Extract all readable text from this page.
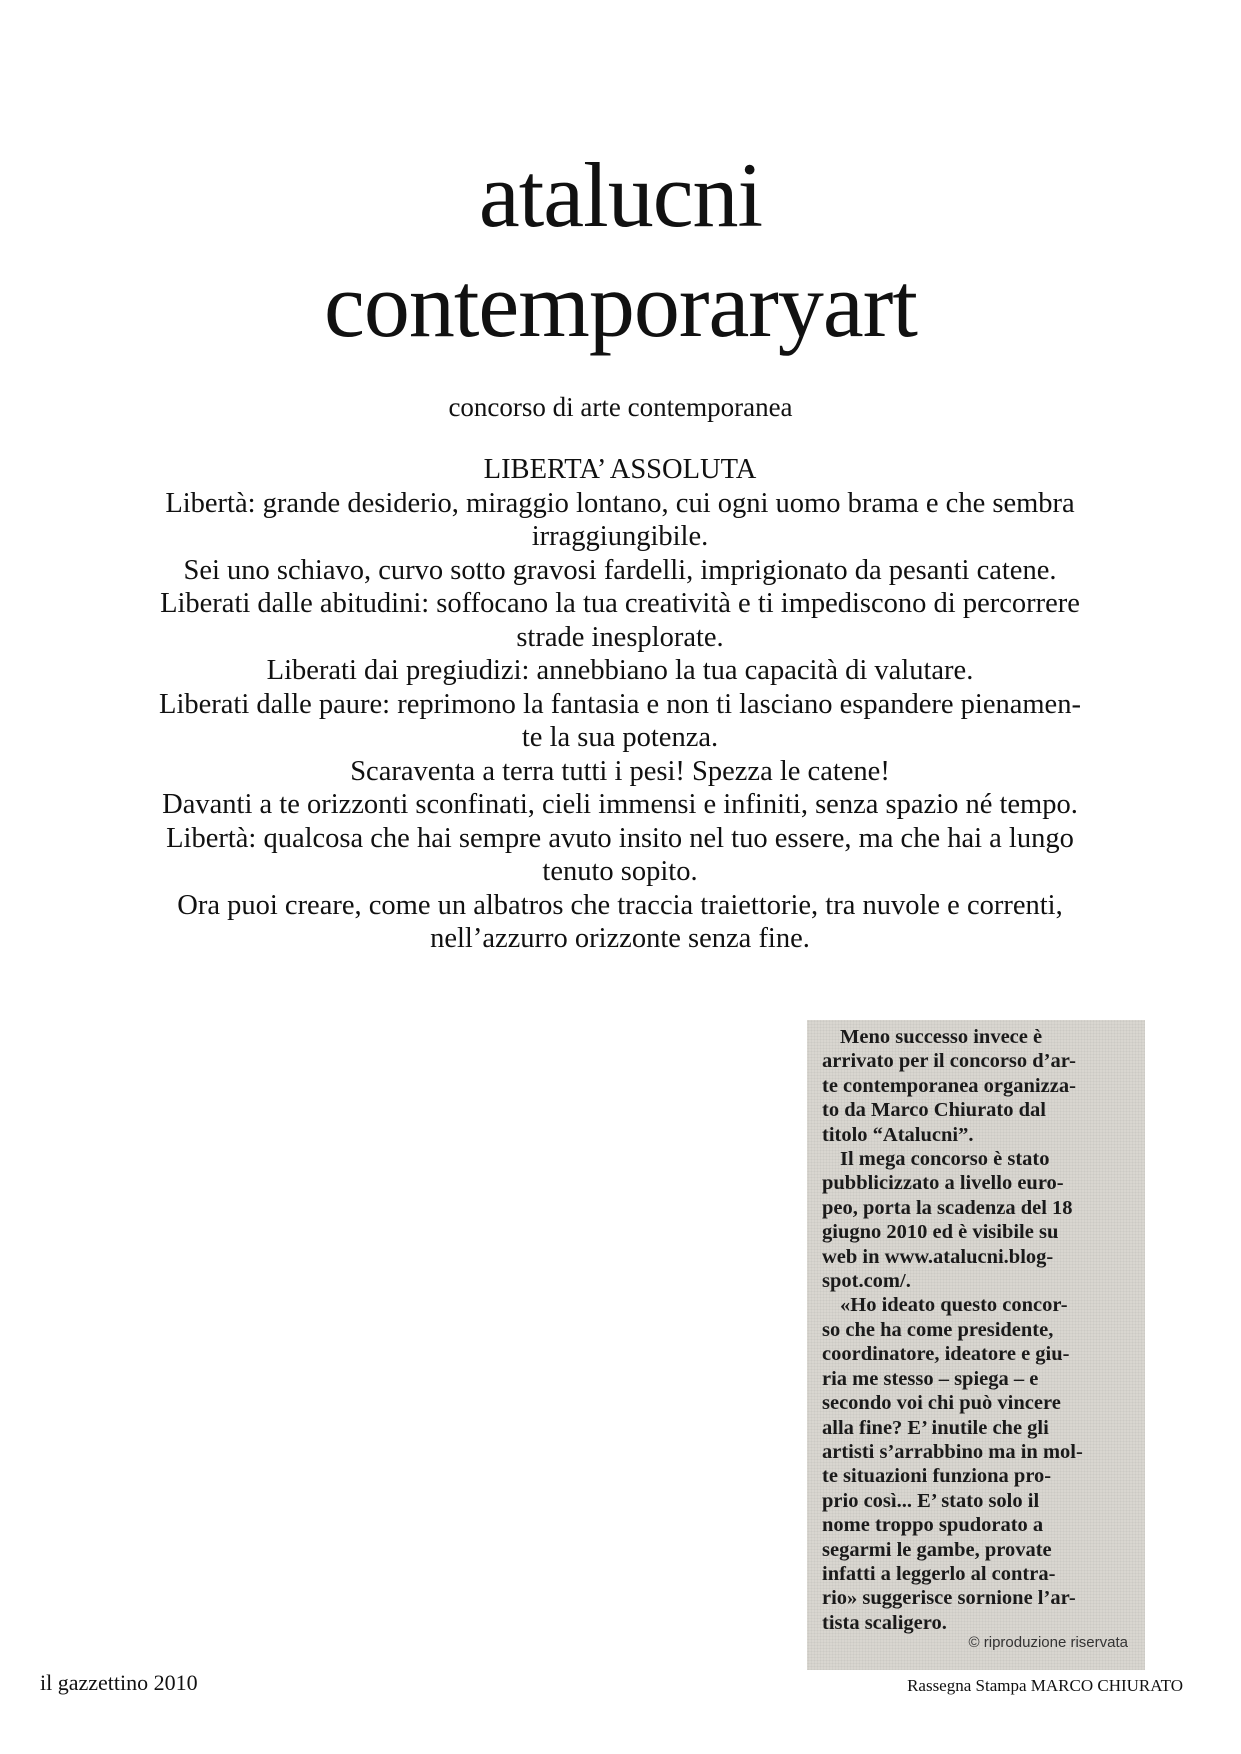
atalucni
contemporaryart
concorso di arte contemporanea
LIBERTA’ ASSOLUTA
Libertà: grande desiderio, miraggio lontano, cui ogni uomo brama e che sembra
irraggiungibile.
Sei uno schiavo, curvo sotto gravosi fardelli, imprigionato da pesanti catene.
Liberati dalle abitudini: soffocano la tua creatività e ti impediscono di percorrere
strade inesplorate.
Liberati dai pregiudizi: annebbiano la tua capacità di valutare.
Liberati dalle paure: reprimono la fantasia e non ti lasciano espandere pienamen-
te la sua potenza.
Scaraventa a terra tutti i pesi! Spezza le catene!
Davanti a te orizzonti sconfinati, cieli immensi e infiniti, senza spazio né tempo.
Libertà: qualcosa che hai sempre avuto insito nel tuo essere, ma che hai a lungo
tenuto sopito.
Ora puoi creare, come un albatros che traccia traiettorie, tra nuvole e correnti,
nell’azzurro orizzonte senza fine.
Meno successo invece è
arrivato per il concorso d’ar-
te contemporanea organizza-
to da Marco Chiurato dal
titolo “Atalucni”.
Il mega concorso è stato
pubblicizzato a livello euro-
peo, porta la scadenza del 18
giugno 2010 ed è visibile su
web in www.atalucni.blog-
spot.com/.
«Ho ideato questo concor-
so che ha come presidente,
coordinatore, ideatore e giu-
ria me stesso – spiega – e
secondo voi chi può vincere
alla fine? E’ inutile che gli
artisti s’arrabbino ma in mol-
te situazioni funziona pro-
prio così... E’ stato solo il
nome troppo spudorato a
segarmi le gambe, provate
infatti a leggerlo al contra-
rio» suggerisce sornione l’ar-
tista scaligero.
© riproduzione riservata
il gazzettino 2010	Rassegna Stampa MARCO CHIURATO
